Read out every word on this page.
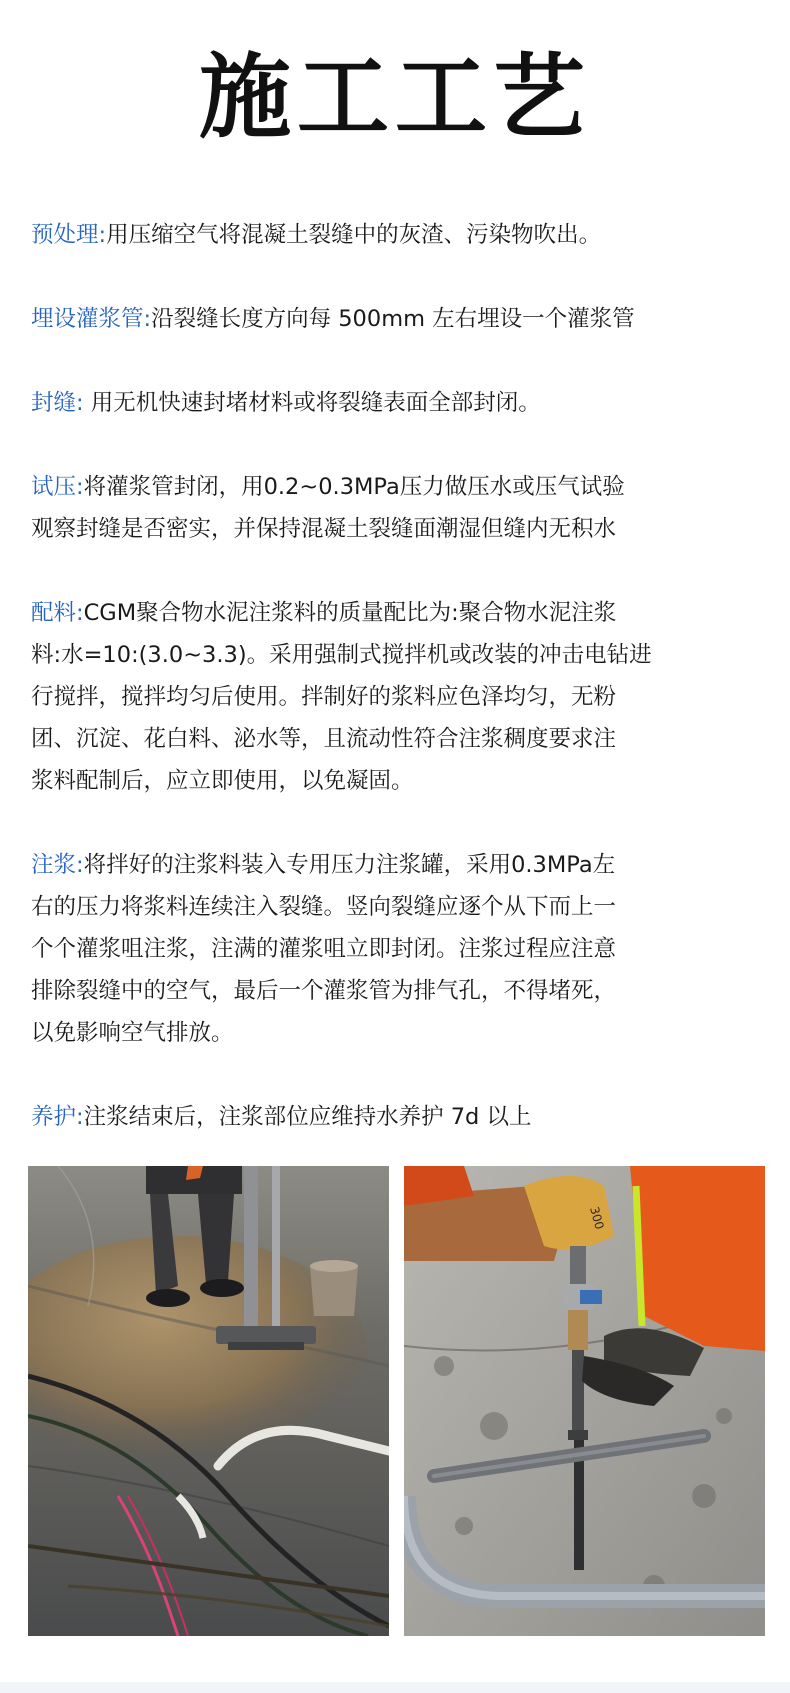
施工工艺

预处理:用压缩空气将混凝土裂缝中的灰渣、污染物吹出。

埋设灌浆管:沿裂缝长度方向每 500mm 左右埋设一个灌浆管

封缝: 用无机快速封堵材料或将裂缝表面全部封闭。

试压:将灌浆管封闭，用0.2~0.3MPa压力做压水或压气试验
观察封缝是否密实，并保持混凝土裂缝面潮湿但缝内无积水

配料:CGM聚合物水泥注浆料的质量配比为:聚合物水泥注浆
料:水=10:(3.0~3.3)。采用强制式搅拌机或改装的冲击电钻进
行搅拌，搅拌均匀后使用。拌制好的浆料应色泽均匀，无粉
团、沉淀、花白料、泌水等，且流动性符合注浆稠度要求注
浆料配制后，应立即使用，以免凝固。

注浆:将拌好的注浆料装入专用压力注浆罐，采用0.3MPa左
右的压力将浆料连续注入裂缝。竖向裂缝应逐个从下而上一
个个灌浆咀注浆，注满的灌浆咀立即封闭。注浆过程应注意
排除裂缝中的空气，最后一个灌浆管为排气孔，不得堵死，
以免影响空气排放。

养护:注浆结束后，注浆部位应维持水养护 7d 以上

300
